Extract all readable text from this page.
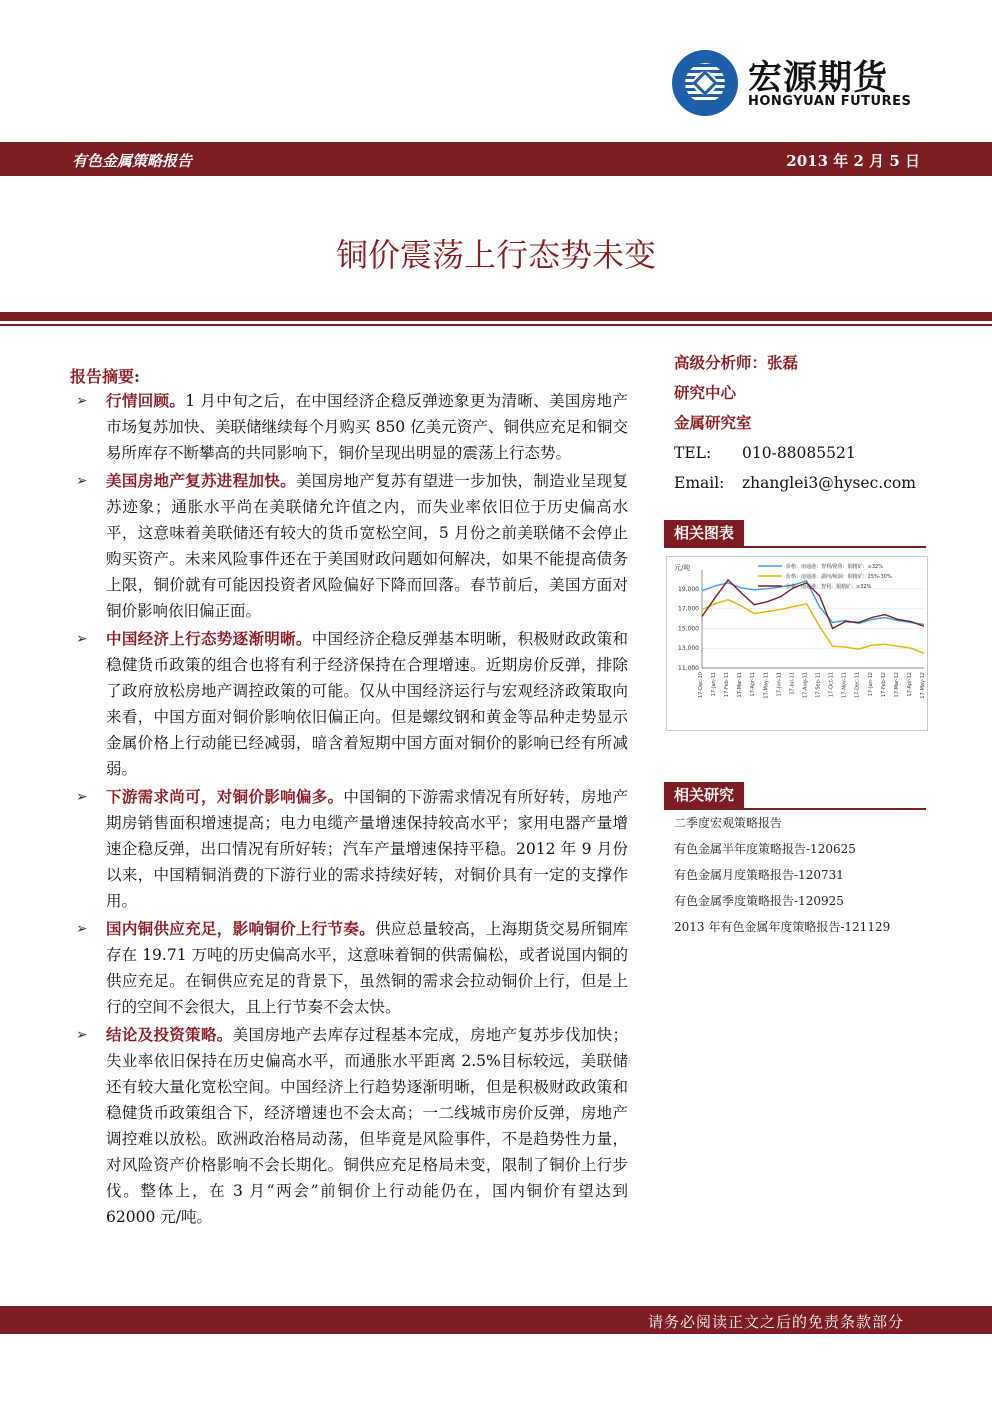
宏源期货
HONGYUAN FUTURES
有色金属策略报告	2013 年 2 月 5 日
铜价震荡上行态势未变
报告摘要:
➢ 行情回顾。1 月中旬之后，在中国经济企稳反弹迹象更为清晰、美国房地产市场复苏加快、美联储继续每个月购买 850 亿美元资产、铜供应充足和铜交易所库存不断攀高的共同影响下，铜价呈现出明显的震荡上行态势。
➢ 美国房地产复苏进程加快。美国房地产复苏有望进一步加快，制造业呈现复苏迹象；通胀水平尚在美联储允许值之内，而失业率依旧位于历史偏高水平，这意味着美联储还有较大的货币宽松空间，5 月份之前美联储不会停止购买资产。未来风险事件还在于美国财政问题如何解决，如果不能提高债务上限，铜价就有可能因投资者风险偏好下降而回落。春节前后，美国方面对铜价影响依旧偏正面。
➢ 中国经济上行态势逐渐明晰。中国经济企稳反弹基本明晰，积极财政政策和稳健货币政策的组合也将有利于经济保持在合理增速。近期房价反弹，排除了政府放松房地产调控政策的可能。仅从中国经济运行与宏观经济政策取向来看，中国方面对铜价影响依旧偏正向。但是螺纹钢和黄金等品种走势显示金属价格上行动能已经减弱，暗含着短期中国方面对铜价的影响已经有所减弱。
➢ 下游需求尚可，对铜价影响偏多。中国铜的下游需求情况有所好转，房地产期房销售面积增速提高；电力电缆产量增速保持较高水平；家用电器产量增速企稳反弹，出口情况有所好转；汽车产量增速保持平稳。2012 年 9 月份以来，中国精铜消费的下游行业的需求持续好转，对铜价具有一定的支撑作用。
➢ 国内铜供应充足，影响铜价上行节奏。供应总量较高，上海期货交易所铜库存在 19.71 万吨的历史偏高水平，这意味着铜的供需偏松，或者说国内铜的供应充足。在铜供应充足的背景下，虽然铜的需求会拉动铜价上行，但是上行的空间不会很大，且上行节奏不会太快。
➢ 结论及投资策略。美国房地产去库存过程基本完成，房地产复苏步伐加快；失业率依旧保持在历史偏高水平，而通胀水平距离 2.5%目标较远，美联储还有较大量化宽松空间。中国经济上行趋势逐渐明晰，但是积极财政政策和稳健货币政策组合下，经济增速也不会太高；一二线城市房价反弹，房地产调控难以放松。欧洲政治格局动荡，但毕竟是风险事件，不是趋势性力量，对风险资产价格影响不会长期化。铜供应充足格局未变，限制了铜价上行步伐。整体上，在 3 月“两会”前铜价上行动能仍在，国内铜价有望达到 62000 元/吨。
高级分析师：张磊
研究中心
金属研究室
TEL: 010-88085521
Email: zhanglei3@hysec.com
相关图表
元/吨
11,000
13,000
15,000
17,000
19,000
17-Dec-10 17-Jan-11 17-Feb-11 17-Mar-11 17-Apr-11 17-May-11 17-Jun-11 17-Jul-11 17-Aug-11 17-Sep-11 17-Oct-11 17-Nov-11 17-Dec-11 17-Jan-12 17-Feb-12 17-Mar-12 17-Apr-12 17-May-12
价格：南通港：智利/秘鲁：铜精矿：≥32%
价格：南通港：湖河/岷洞：铜精矿：25%-30%
价格：南通港：智利：铜精矿：≥32%
相关研究
二季度宏观策略报告
有色金属半年度策略报告-120625
有色金属月度策略报告-120731
有色金属季度策略报告-120925
2013 年有色金属年度策略报告-121129
请务必阅读正文之后的免责条款部分
